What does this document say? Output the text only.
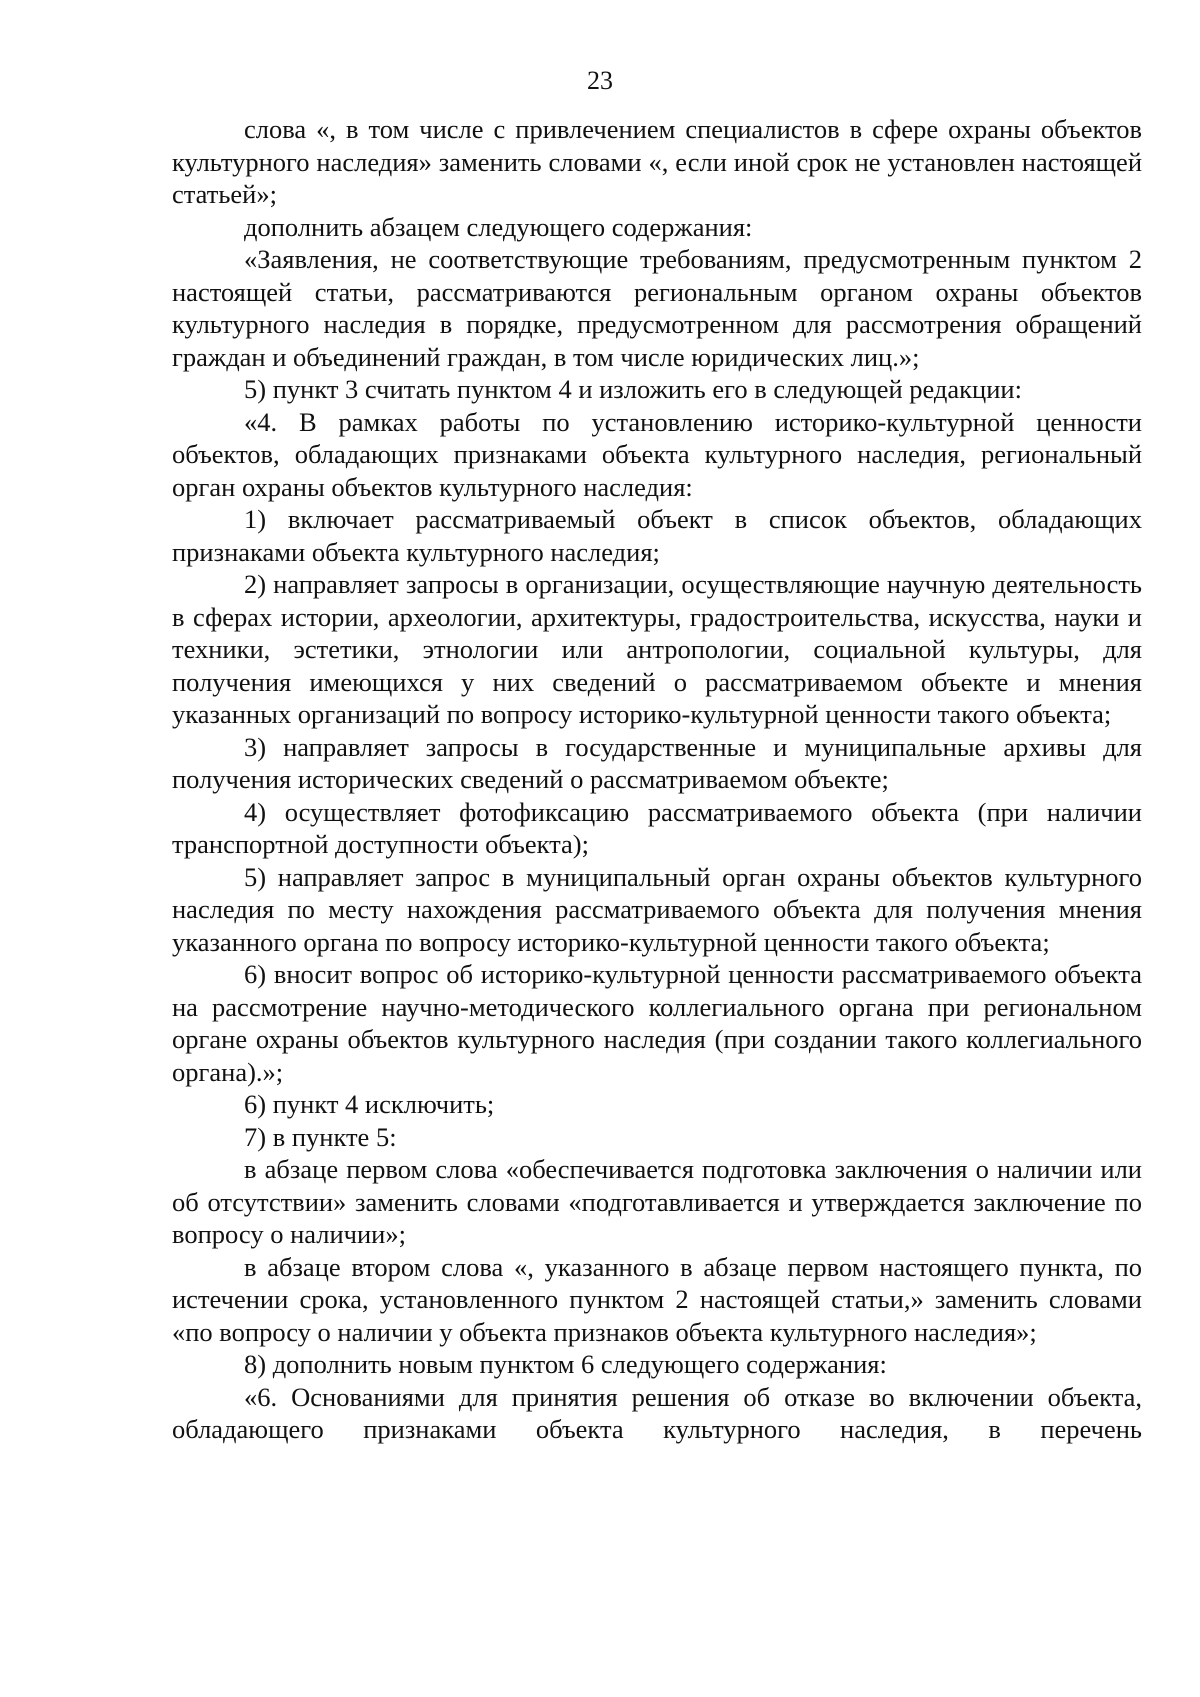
23

слова «, в том числе с привлечением специалистов в сфере охраны объектов культурного наследия» заменить словами «, если иной срок не установлен настоящей статьей»;

дополнить абзацем следующего содержания:

«Заявления, не соответствующие требованиям, предусмотренным пунктом 2 настоящей статьи, рассматриваются региональным органом охраны объектов культурного наследия в порядке, предусмотренном для рассмотрения обращений граждан и объединений граждан, в том числе юридических лиц.»;

5) пункт 3 считать пунктом 4 и изложить его в следующей редакции:

«4. В рамках работы по установлению историко-культурной ценности объектов, обладающих признаками объекта культурного наследия, региональный орган охраны объектов культурного наследия:

1) включает рассматриваемый объект в список объектов, обладающих признаками объекта культурного наследия;

2) направляет запросы в организации, осуществляющие научную деятельность в сферах истории, археологии, архитектуры, градостроительства, искусства, науки и техники, эстетики, этнологии или антропологии, социальной культуры, для получения имеющихся у них сведений о рассматриваемом объекте и мнения указанных организаций по вопросу историко-культурной ценности такого объекта;

3) направляет запросы в государственные и муниципальные архивы для получения исторических сведений о рассматриваемом объекте;

4) осуществляет фотофиксацию рассматриваемого объекта (при наличии транспортной доступности объекта);

5) направляет запрос в муниципальный орган охраны объектов культурного наследия по месту нахождения рассматриваемого объекта для получения мнения указанного органа по вопросу историко-культурной ценности такого объекта;

6) вносит вопрос об историко-культурной ценности рассматриваемого объекта на рассмотрение научно-методического коллегиального органа при региональном органе охраны объектов культурного наследия (при создании такого коллегиального органа).»;

6) пункт 4 исключить;

7) в пункте 5:

в абзаце первом слова «обеспечивается подготовка заключения о наличии или об отсутствии» заменить словами «подготавливается и утверждается заключение по вопросу о наличии»;

в абзаце втором слова «, указанного в абзаце первом настоящего пункта, по истечении срока, установленного пунктом 2 настоящей статьи,» заменить словами «по вопросу о наличии у объекта признаков объекта культурного наследия»;

8) дополнить новым пунктом 6 следующего содержания:

«6. Основаниями для принятия решения об отказе во включении объекта, обладающего признаками объекта культурного наследия, в перечень
